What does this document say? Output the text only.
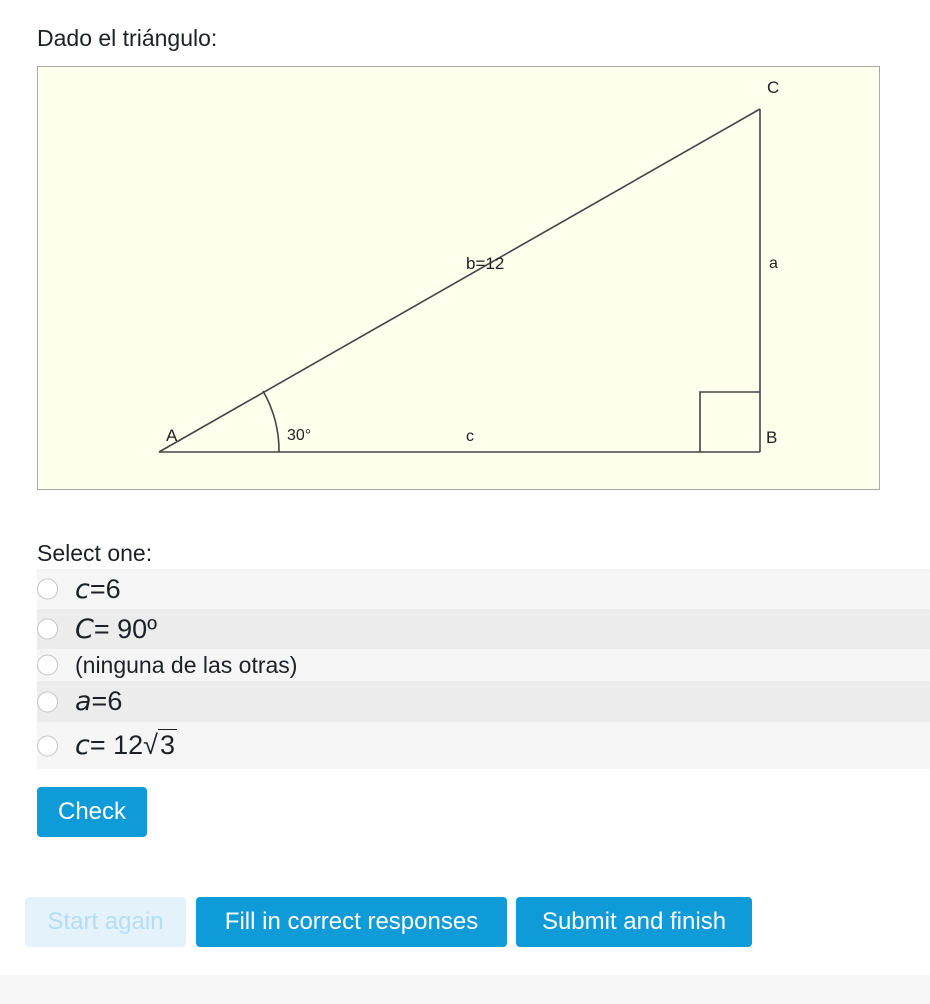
Dado el triángulo:
A	B
C
a
b=12
c
30°
Select one:
c=6
C= 90º
(ninguna de las otras)
a=6
c= 12√3
Check
Start again	Fill in correct responses	Submit and finish
